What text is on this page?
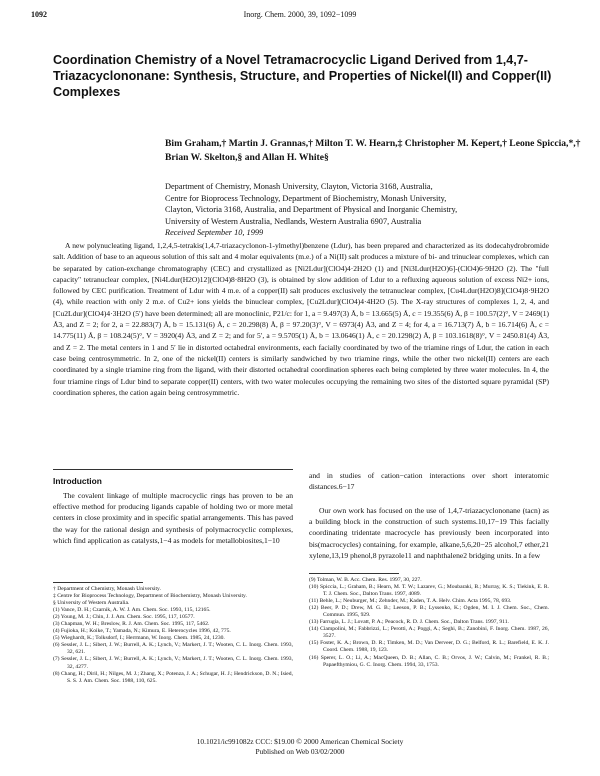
1092	Inorg. Chem. 2000, 39, 1092−1099
Coordination Chemistry of a Novel Tetramacrocyclic Ligand Derived from 1,4,7-Triazacyclononane: Synthesis, Structure, and Properties of Nickel(II) and Copper(II) Complexes

Bim Graham,† Martin J. Grannas,† Milton T. W. Hearn,‡ Christopher M. Kepert,† Leone Spiccia,*,† Brian W. Skelton,§ and Allan H. White§

Department of Chemistry, Monash University, Clayton, Victoria 3168, Australia,

Centre for Bioprocess Technology, Department of Biochemistry, Monash University,

Clayton, Victoria 3168, Australia, and Department of Physical and Inorganic Chemistry,

University of Western Australia, Nedlands, Western Australia 6907, Australia

Received September 10, 1999

A new polynucleating ligand, 1,2,4,5-tetrakis(1,4,7-triazacyclonon-1-ylmethyl)benzene (Ldur), has been prepared and characterized as its dodecahydrobromide salt. Addition of base to an aqueous solution of this salt and 4 molar equivalents (m.e.) of a Ni(II) salt produces a mixture of bi- and trinuclear complexes, which can be separated by cation-exchange chromatography (CEC) and crystallized as [Ni2Ldur](ClO4)4·2H2O (1) and [Ni3Ldur(H2O)6]-(ClO4)6·9H2O (2). The "full capacity" tetranuclear complex, [Ni4Ldur(H2O)12](ClO4)8·8H2O (3), is obtained by slow addition of Ldur to a refluxing aqueous solution of excess Ni2+ ions, followed by CEC purification. Treatment of Ldur with 4 m.e. of a copper(II) salt produces exclusively the tetranuclear complex, [Cu4Ldur(H2O)8](ClO4)8·9H2O (4), while reaction with only 2 m.e. of Cu2+ ions yields the binuclear complex, [Cu2Ldur](ClO4)4·4H2O (5). The X-ray structures of complexes 1, 2, 4, and [Cu2Ldur](ClO4)4·3H2O (5′) have been determined; all are monoclinic, P21/c: for 1, a = 9.497(3) Å, b = 13.665(5) Å, c = 19.355(6) Å, β = 100.57(2)°, V = 2469(1) Å3, and Z = 2; for 2, a = 22.883(7) Å, b = 15.131(6) Å, c = 20.298(8) Å, β = 97.20(3)°, V = 6973(4) Å3, and Z = 4; for 4, a = 16.713(7) Å, b = 16.714(6) Å, c = 14.775(11) Å, β = 108.24(5)°, V = 3920(4) Å3, and Z = 2; and for 5′, a = 9.5705(1) Å, b = 13.0646(1) Å, c = 20.1298(2) Å, β = 103.1618(8)°, V = 2450.81(4) Å3, and Z = 2. The metal centers in 1 and 5′ lie in distorted octahedral environments, each facially coordinated by two of the triamine rings of Ldur, the cation in each case being centrosymmetric. In 2, one of the nickel(II) centers is similarly sandwiched by two triamine rings, while the other two nickel(II) centers are each coordinated by a single triamine ring from the ligand, with their distorted octahedral coordination spheres each being completed by three water molecules. In 4, the four triamine rings of Ldur bind to separate copper(II) centers, with two water molecules occupying the remaining two sites of the distorted square pyramidal (SP) coordination spheres, the cation again being centrosymmetric.

Introduction

The covalent linkage of multiple macrocyclic rings has proven to be an effective method for producing ligands capable of holding two or more metal centers in close proximity and in specific spatial arrangements. This has paved the way for the rational design and synthesis of polymacrocyclic complexes, which find application as catalysts,1−4 as models for metallobiosites,1−10

and in studies of cation−cation interactions over short interatomic distances.6−17

Our own work has focused on the use of 1,4,7-triazacyclononane (tacn) as a building block in the construction of such systems.10,17−19 This facially coordinating tridentate macrocycle has previously been incorporated into bis(macrocycles) containing, for example, alkane,5,6,20−25 alcohol,7 ether,21 xylene,13,19 phenol,8 pyrazole11 and naphthalene2 bridging units. In a few

† Department of Chemistry, Monash University.
‡ Centre for Bioprocess Technology, Department of Biochemistry, Monash University.
§ University of Western Australia.
(1) Vance, D. H.; Czarnik, A. W. J. Am. Chem. Soc. 1993, 115, 12165.
(2) Young, M. J.; Chin, J. J. Am. Chem. Soc. 1995, 117, 10577.
(3) Chapman, W. H.; Breslow, R. J. Am. Chem. Soc. 1995, 117, 5462.
(4) Fujioka, H.; Koike, T.; Yamada, N.; Kimura, E. Heterocycles 1996, 42, 775.
(5) Wieghardt, K.; Tolksdorf, I.; Herrmann, W. Inorg. Chem. 1985, 24, 1230.
(6) Sessler, J. L.; Sibert, J. W.; Burrell, A. K.; Lynch, V.; Markert, J. T.; Wooten, C. L. Inorg. Chem. 1993, 32, 621.
(7) Sessler, J. L.; Sibert, J. W.; Burrell, A. K.; Lynch, V.; Markert, J. T.; Wooten, C. L. Inorg. Chem. 1993, 32, 4277.
(8) Chang, H.; Diril, H.; Nilges, M. J.; Zhang, X.; Potenza, J. A.; Schugar, H. J.; Hendrickson, D. N.; Isied, S. S. J. Am. Chem. Soc. 1988, 110, 625.
(9) Tolman, W. B. Acc. Chem. Res. 1997, 30, 227.
(10) Spiccia, L.; Graham, B.; Hearn, M. T. W.; Lazarev, G.; Moubaraki, B.; Murray, K. S.; Tiekink, E. R. T. J. Chem. Soc., Dalton Trans. 1997, 4089.
(11) Behle, L.; Neuburger, M.; Zehnder, M.; Kaden, T. A. Helv. Chim. Acta 1995, 78, 693.
(12) Beer, P. D.; Drew, M. G. B.; Leeson, P. B.; Lyssenko, K.; Ogden, M. I. J. Chem. Soc., Chem. Commun. 1995, 929.
(13) Farrugia, L. J.; Lovatt, P. A.; Peacock, R. D. J. Chem. Soc., Dalton Trans. 1997, 911.
(14) Ciampolini, M.; Fabbrizzi, L.; Perotti, A.; Poggi, A.; Seghi, B.; Zanobini, F. Inorg. Chem. 1987, 26, 3527.
(15) Foster, K. A.; Brown, D. R.; Timken, M. D.; Van Derveer, D. G.; Belford, R. L.; Barefield, E. K. J. Coord. Chem. 1988, 19, 123.
(16) Sperer, L. O.; Li, A.; MacQueen, D. B.; Allan, C. B.; Orvos, J. W.; Calvin, M.; Frankel, R. B.; Papaefthymiou, G. C. Inorg. Chem. 1994, 33, 1753.
10.1021/ic991082z CCC: $19.00 © 2000 American Chemical Society
Published on Web 03/02/2000
